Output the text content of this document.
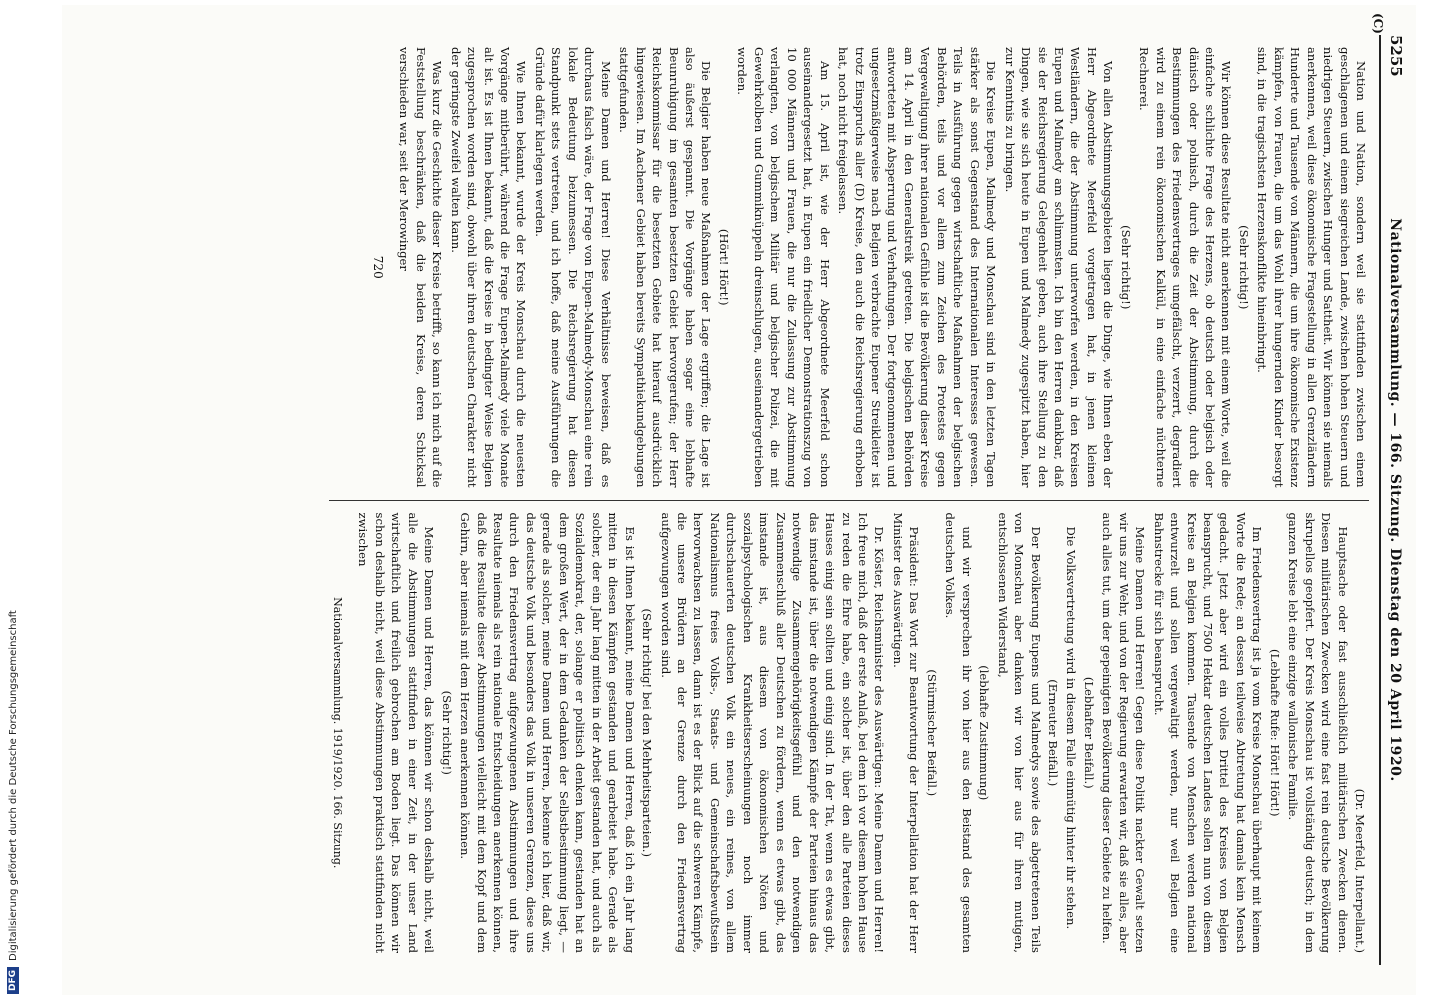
DFG
Digitalisierung gefördert durch die Deutsche Forschungsgemeinschaft
5255
Nationalversammlung. — 166. Sitzung. Dienstag den 20 April 1920.

Nation und Nation, sondern weil sie stattfinden zwischen einem geschlagenen und einem siegreichen Lande, zwischen hohen Steuern und niedrigen Steuern, zwischen Hunger und Sattheit. Wir können sie niemals anerkennen, weil diese ökonomische Fragestellung in allen Grenzländern Hunderte und Tausende von Männern, die um ihre ökonomische Existenz kämpfen, von Frauen, die um das Wohl ihrer hungernden Kinder besorgt sind, in die tragischsten Herzenskonflikte hineinbringt.

(Sehr richtig!)

Wir können diese Resultate nicht anerkennen mit einem Worte, weil die einfache schlichte Frage des Herzens, ob deutsch oder belgisch oder dänisch oder polnisch, durch die Zeit der Abstimmung, durch die Bestimmungen des Friedensvertrages umgefälscht, verzerrt, degradiert wird zu einem rein ökonomischen Kalkül, in eine einfache nüchterne Rechnerei.

(Sehr richtig!)

Von allen Abstimmungsgebieten liegen die Dinge, wie Ihnen eben der Herr Abgeordnete Meerfeld vorgetragen hat, in jenen kleinen Westländern, die der Abstimmung unterworfen werden, in den Kreisen Eupen und Malmedy am schlimmsten. Ich bin den Herren dankbar, daß sie der Reichsregierung Gelegenheit geben, auch ihre Stellung zu den Dingen, wie sie sich heute in Eupen und Malmedy zugespitzt haben, hier zur Kenntnis zu bringen.

Die Kreise Eupen, Malmedy und Monschau sind in den letzten Tagen stärker als sonst Gegenstand des Internationalen Interesses gewesen. Teils in Ausführung gegen wirtschaftliche Maßnahmen der belgischen Behörden, teils und vor allem zum Zeichen des Protestes gegen Vergewaltigung ihrer nationalen Gefühle ist die Bevölkerung dieser Kreise am 14. April in den Generalstreik getreten. Die belgischen Behörden antworteten mit Absperrung und Verhaftungen. Der fortgenommenen und ungesetzmäßigerweise nach Belgien verbrachte Eupener Streikleiter ist trotz Einspruchs aller (D) Kreise, den auch die Reichsregierung erhoben hat, noch nicht freigelassen.

Am 15. April ist, wie der Herr Abgeordnete Meerfeld schon auseinandergesetzt hat, in Eupen ein friedlicher Demonstrationszug von 10 000 Männern und Frauen, die nur die Zulassung zur Abstimmung verlangten, von belgischem Militär und belgischer Polizei, die mit Gewehrkolben und Gummiknüppeln dreinschlugen, auseinandergetrieben worden.

(Hört! Hört!)

Die Belgier haben neue Maßnahmen der Lage ergriffen; die Lage ist also äußerst gespannt. Die Vorgänge haben sogar eine lebhafte Beunruhigung im gesamten besetzten Gebiet hervorgerufen; der Herr Reichskommissar für die besetzten Gebiete hat hierauf ausdrücklich hingewiesen. Im Aachener Gebiet haben bereits Sympathiekundgebungen stattgefunden.

Meine Damen und Herren! Diese Verhältnisse beweisen, daß es durchaus falsch wäre, der Frage von Eupen-Malmedy-Monschau eine rein lokale Bedeutung beizumessen. Die Reichsregierung hat diesen Standpunkt stets vertreten, und ich hoffe, daß meine Ausführungen die Gründe dafür klarlegen werden.

Wie Ihnen bekannt, wurde der Kreis Monschau durch die neuesten Vorgänge mitberührt, während die Frage Eupen-Malmedy viele Monate alt ist. Es ist Ihnen bekannt, daß die Kreise in bedingter Weise Belgien zugesprochen worden sind, obwohl über ihren deutschen Charakter nicht der geringste Zweifel walten kann.

Was kurz die Geschichte dieser Kreise betrifft, so kann ich mich auf die Feststellung beschränken, daß die beiden Kreise, deren Schicksal verschieden war, seit der Merowinger

720
(Dr. Meerfeld, Interpellant.)

Hauptsache oder fast ausschließlich militärischen Zwecken dienen. Diesen militärischen Zwecken wird eine fast rein deutsche Bevölkerung skrupellos geopfert. Der Kreis Monschau ist vollständig deutsch; in dem ganzen Kreise lebt eine einzige wallonische Familie.

(Lebhafte Rufe: Hört! Hört!)

Im Friedensvertrag ist ja vom Kreise Monschau überhaupt mit keinem Worte die Rede; an dessen teilweise Abtretung hat damals kein Mensch gedacht. Jetzt aber wird ein volles Drittel des Kreises von Belgien beansprucht, und 7500 Hektar deutschen Landes sollen nun von diesem Kreise an Belgien kommen. Tausende von Menschen werden national entwurzelt und sollen vergewaltigt werden, nur weil Belgien eine Bahnstrecke für sich beansprucht.

Meine Damen und Herren! Gegen diese Politik nackter Gewalt setzen wir uns zur Wehr, und von der Regierung erwarten wir, daß sie alles, aber auch alles tut, um der gepeinigten Bevölkerung dieser Gebiete zu helfen.

(Lebhafter Beifall.)

Die Volksvertretung wird in diesem Falle einmütig hinter ihr stehen.

(Erneuter Beifall.)

Der Bevölkerung Eupens und Malmedys sowie des abgetretenen Teils von Monschau aber danken wir von hier aus für ihren mutigen, entschlossenen Widerstand,

(lebhafte Zustimmung)

und wir versprechen ihr von hier aus den Beistand des gesamten deutschen Volkes.

(Stürmischer Beifall.)

Präsident: Das Wort zur Beantwortung der Interpellation hat der Herr Minister des Auswärtigen.

Dr. Köster, Reichsminister des Auswärtigen: Meine Damen und Herren! Ich freue mich, daß der erste Anlaß, bei dem ich vor diesem hohen Hause zu reden die Ehre habe, ein solcher ist, über den alle Parteien dieses Hauses einig sein sollten und einig sind. In der Tat, wenn es etwas gibt, das imstande ist, über die notwendigen Kämpfe der Parteien hinaus das notwendige Zusammengehörigkeitsgefühl und den notwendigen Zusammenschluß aller Deutschen zu fördern, wenn es etwas gibt, das imstande ist, aus diesem von ökonomischen Nöten und sozialpsychologischen Krankheitserscheinungen noch immer durchschauerten deutschen Volk ein neues, ein reines, von allem Nationalismus freies Volks-, Staats- und Gemeinschaftsbewußtsein hervorwachsen zu lassen, dann ist es der Blick auf die schweren Kämpfe, die unsere Brüdern an der Grenze durch den Friedensvertrag aufgezwungen worden sind.

(Sehr richtig! bei den Mehrheitsparteien.)

Es ist Ihnen bekannt, meine Damen und Herren, daß ich ein Jahr lang mitten in diesen Kämpfen gestanden und gearbeitet habe. Gerade als solcher, der ein Jahr lang mitten in der Arbeit gestanden hat, und auch als Sozialdemokrat, der, solange er politisch denken kann, gestanden hat an dem großen Wert, der in dem Gedanken der Selbstbestimmung liegt, — gerade als solcher, meine Damen und Herren, bekenne ich hier, daß wir, das deutsche Volk und besonders das Volk in unseren Grenzen, diese uns durch den Friedensvertrag aufgezwungenen Abstimmungen und ihre Resultate niemals als rein nationale Entscheidungen anerkennen können, daß die Resultate dieser Abstimmungen vielleicht mit dem Kopf und dem Gehirn, aber niemals mit dem Herzen anerkennen können.

(Sehr richtig!)

Meine Damen und Herren, das können wir schon deshalb nicht, weil alle die Abstimmungen stattfinden in einer Zeit, in der unser Land wirtschaftlich und freilich gebrochen am Boden liegt. Das können wir schon deshalb nicht, weil diese Abstimmungen praktisch stattfinden nicht zwischen

Nationalversammlung. 1919/1920. 166. Sitzung.
(C)
